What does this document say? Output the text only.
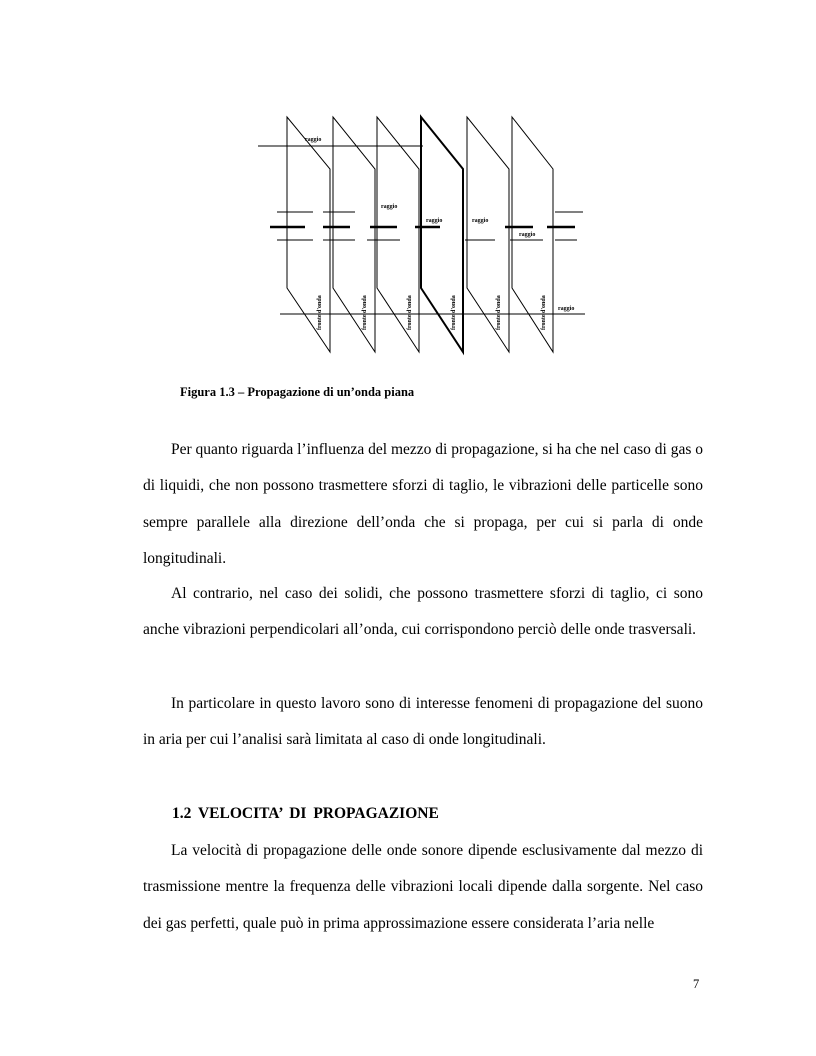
raggio
raggio
raggio	raggio
raggio
raggio
fronte d'onda	fronte d'onda	fronte d'onda	fronte d'onda	fronte d'onda	fronte d'onda

Figura 1.3 – Propagazione di un’onda piana

Per quanto riguarda l’influenza del mezzo di propagazione, si ha che nel caso di gas o di liquidi, che non possono trasmettere sforzi di taglio, le vibrazioni delle particelle sono sempre parallele alla direzione dell’onda che si propaga, per cui si parla di onde longitudinali.

Al contrario, nel caso dei solidi, che possono trasmettere sforzi di taglio, ci sono anche vibrazioni perpendicolari all’onda, cui corrispondono perciò delle onde trasversali.

In particolare in questo lavoro sono di interesse fenomeni di propagazione del suono in aria per cui l’analisi sarà limitata al caso di onde longitudinali.

1.2 VELOCITA’ DI PROPAGAZIONE

La velocità di propagazione delle onde sonore dipende esclusivamente dal mezzo di trasmissione mentre la frequenza delle vibrazioni locali dipende dalla sorgente. Nel caso dei gas perfetti, quale può in prima approssimazione essere considerata l’aria nelle

7
